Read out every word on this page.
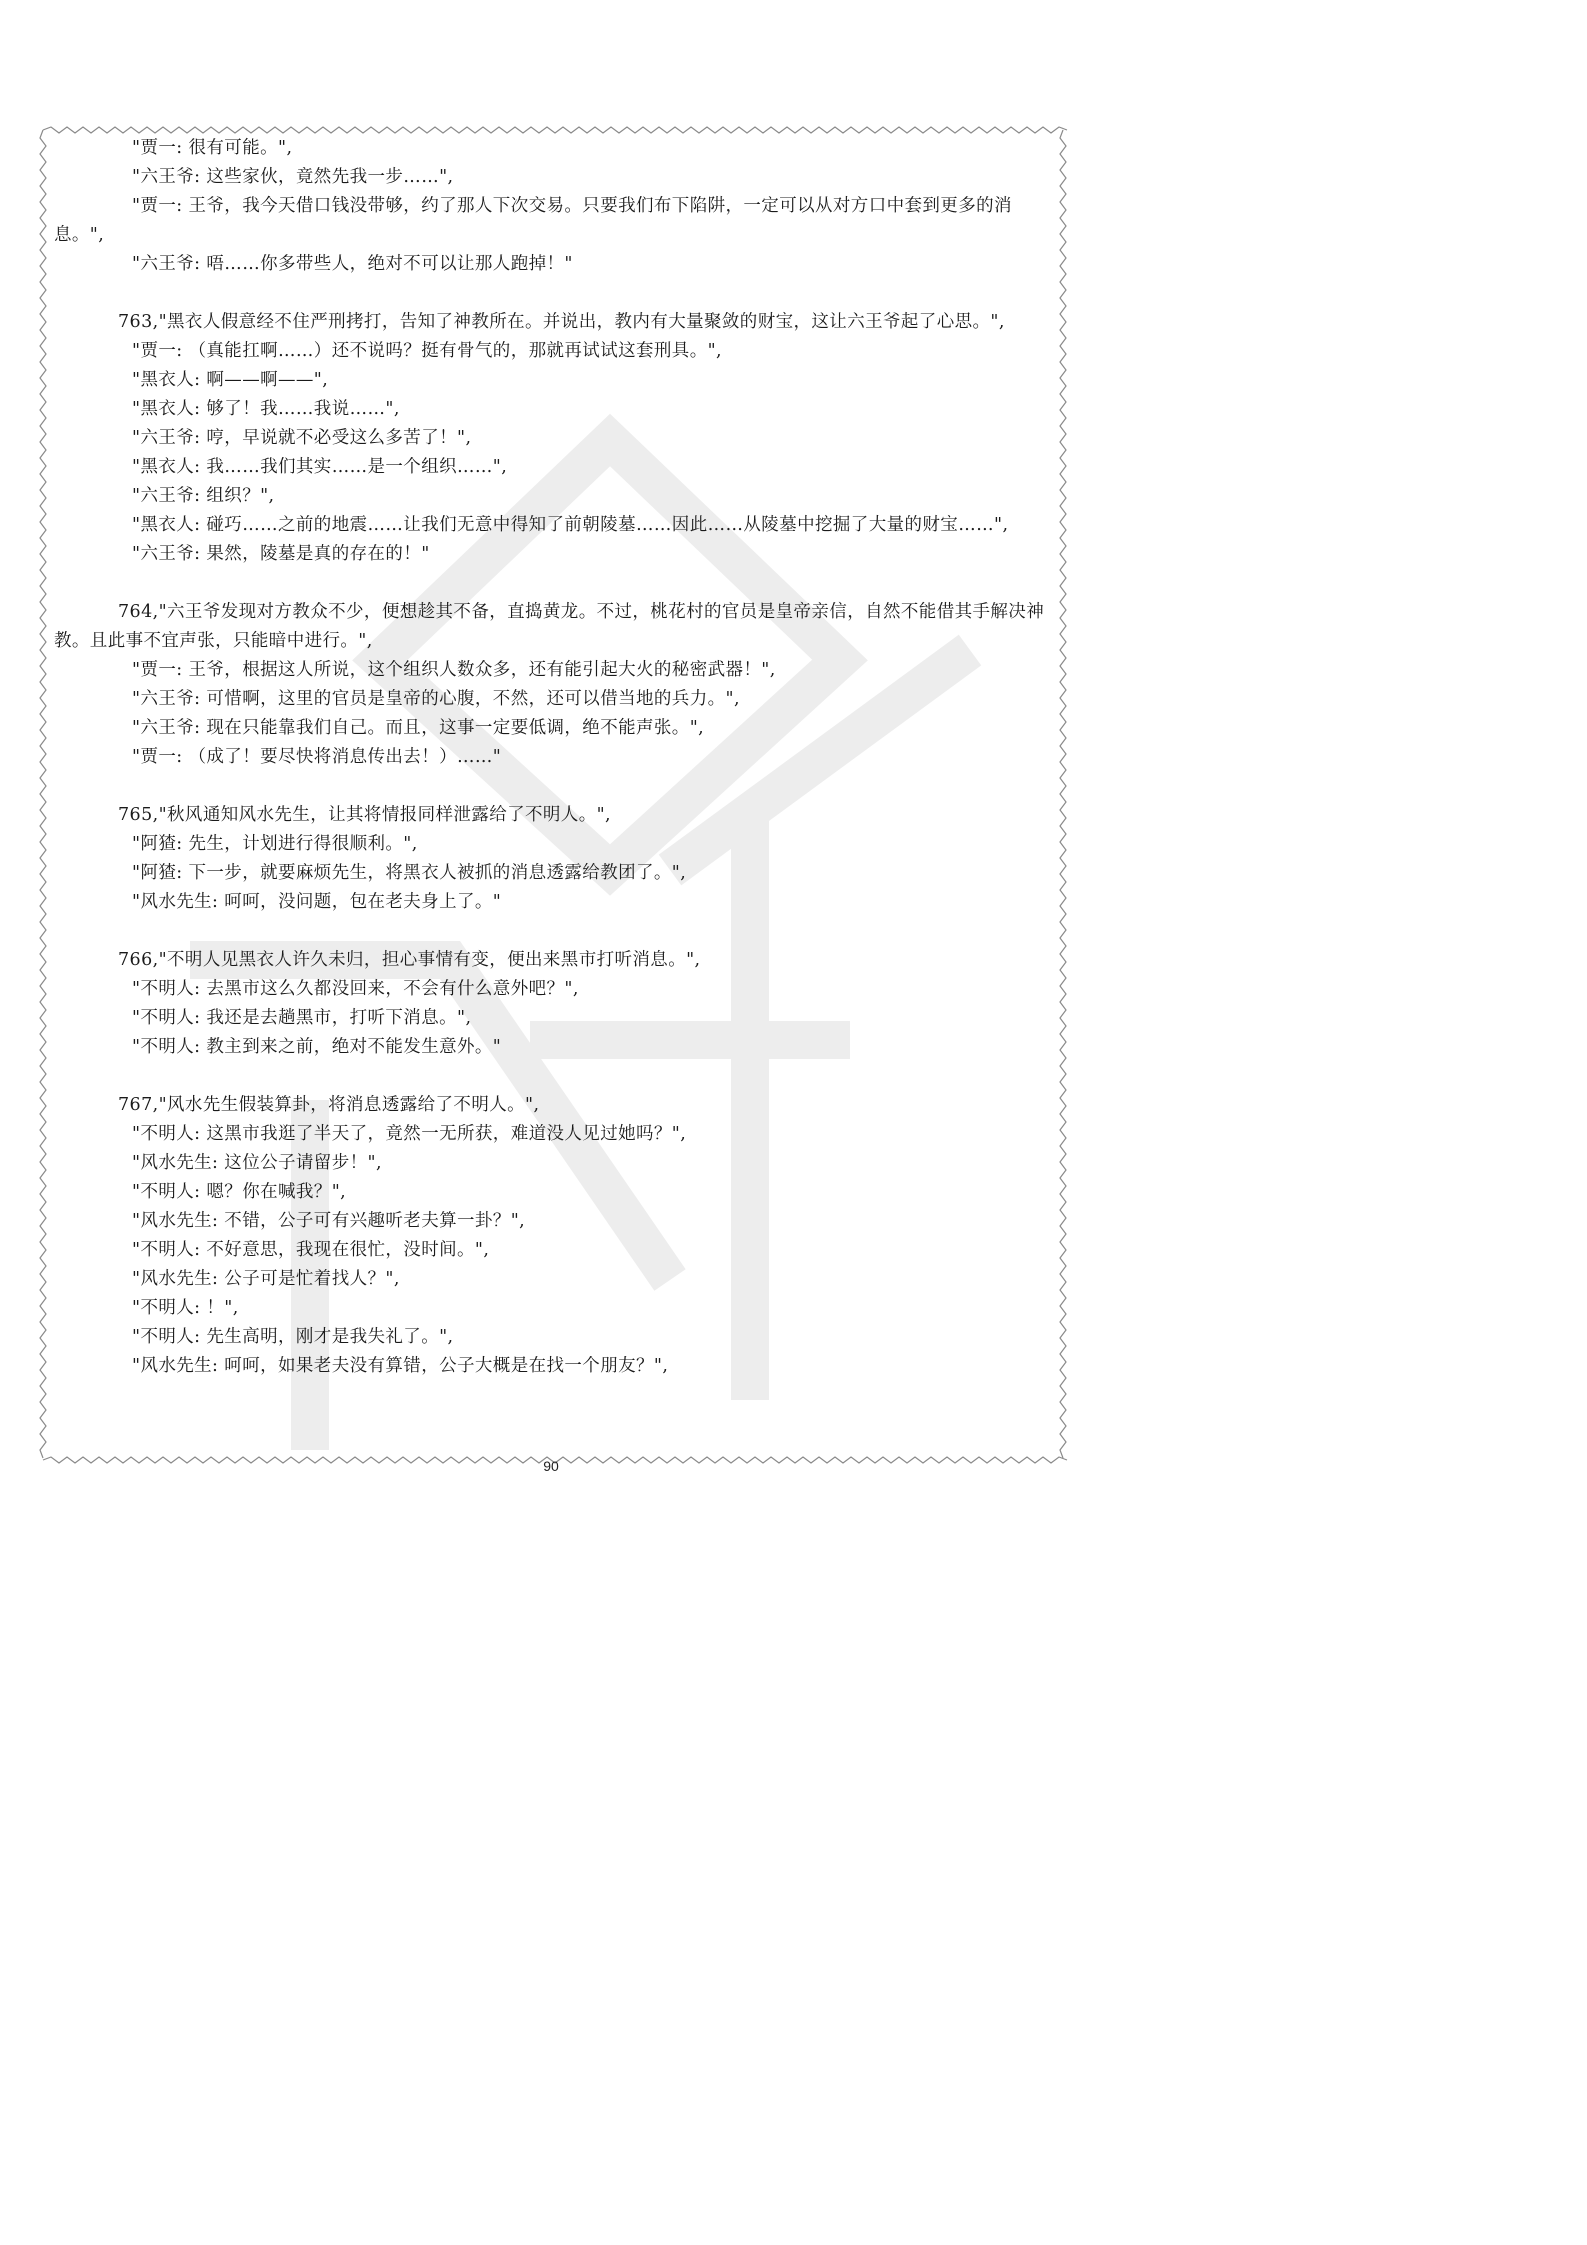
"贾一: 很有可能。",

"六王爷: 这些家伙，竟然先我一步……",

"贾一: 王爷，我今天借口钱没带够，约了那人下次交易。只要我们布下陷阱，一定可以从对方口中套到更多的消息。",

"六王爷: 唔……你多带些人，绝对不可以让那人跑掉！"

763,"黑衣人假意经不住严刑拷打，告知了神教所在。并说出，教内有大量聚敛的财宝，这让六王爷起了心思。",

"贾一: （真能扛啊……）还不说吗？挺有骨气的，那就再试试这套刑具。",

"黑衣人: 啊——啊——",

"黑衣人: 够了！我……我说……",

"六王爷: 哼，早说就不必受这么多苦了！",

"黑衣人: 我……我们其实……是一个组织……",

"六王爷: 组织？",

"黑衣人: 碰巧……之前的地震……让我们无意中得知了前朝陵墓……因此……从陵墓中挖掘了大量的财宝……",

"六王爷: 果然，陵墓是真的存在的！"

764,"六王爷发现对方教众不少，便想趁其不备，直捣黄龙。不过，桃花村的官员是皇帝亲信，自然不能借其手解决神教。且此事不宜声张，只能暗中进行。",

"贾一: 王爷，根据这人所说，这个组织人数众多，还有能引起大火的秘密武器！",

"六王爷: 可惜啊，这里的官员是皇帝的心腹，不然，还可以借当地的兵力。",

"六王爷: 现在只能靠我们自己。而且，这事一定要低调，绝不能声张。",

"贾一: （成了！要尽快将消息传出去！）……"

765,"秋风通知风水先生，让其将情报同样泄露给了不明人。",

"阿猹: 先生，计划进行得很顺利。",

"阿猹: 下一步，就要麻烦先生，将黑衣人被抓的消息透露给教团了。",

"风水先生: 呵呵，没问题，包在老夫身上了。"

766,"不明人见黑衣人许久未归，担心事情有变，便出来黑市打听消息。",

"不明人: 去黑市这么久都没回来，不会有什么意外吧？",

"不明人: 我还是去趟黑市，打听下消息。",

"不明人: 教主到来之前，绝对不能发生意外。"

767,"风水先生假装算卦，将消息透露给了不明人。",

"不明人: 这黑市我逛了半天了，竟然一无所获，难道没人见过她吗？",

"风水先生: 这位公子请留步！",

"不明人: 嗯？你在喊我？",

"风水先生: 不错，公子可有兴趣听老夫算一卦？",

"不明人: 不好意思，我现在很忙，没时间。",

"风水先生: 公子可是忙着找人？",

"不明人: ！",

"不明人: 先生高明，刚才是我失礼了。",

"风水先生: 呵呵，如果老夫没有算错，公子大概是在找一个朋友？",

90
